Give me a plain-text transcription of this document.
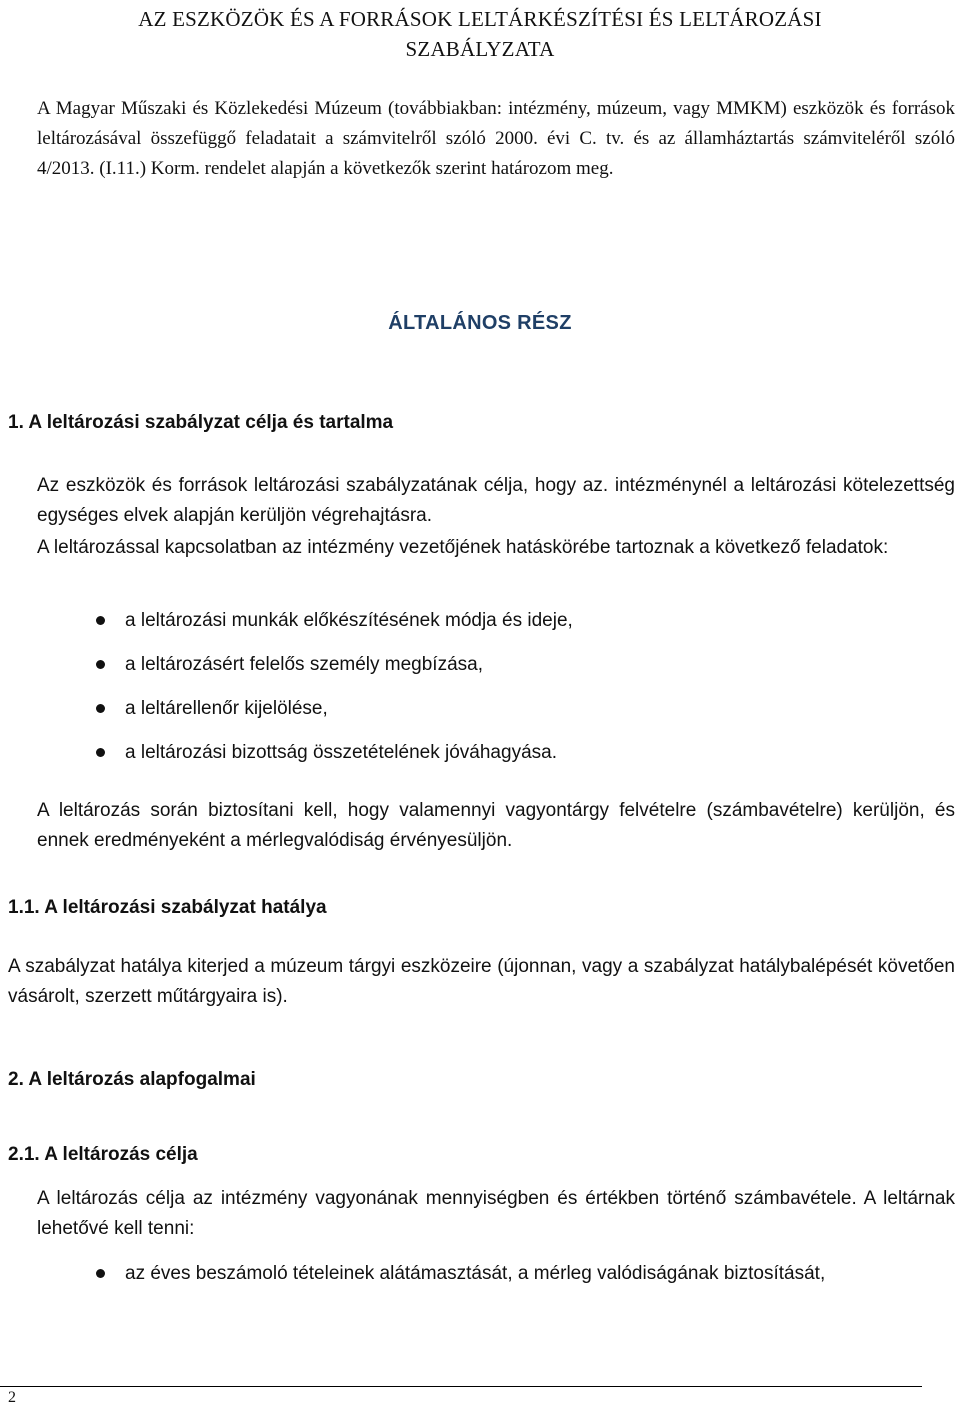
AZ ESZKÖZÖK ÉS A FORRÁSOK LELTÁRKÉSZÍTÉSI ÉS LELTÁROZÁSI
SZABÁLYZATA

A Magyar Műszaki és Közlekedési Múzeum (továbbiakban: intézmény, múzeum, vagy MMKM) eszközök és források leltározásával összefüggő feladatait a számvitelről szóló 2000. évi C. tv. és az államháztartás számviteléről szóló 4/2013. (I.11.) Korm. rendelet alapján a következők szerint határozom meg.

ÁLTALÁNOS RÉSZ
1. A leltározási szabályzat célja és tartalma

Az eszközök és források leltározási szabályzatának célja, hogy az. intézménynél a leltározási kötelezettség egységes elvek alapján kerüljön végrehajtásra.

A leltározással kapcsolatban az intézmény vezetőjének hatáskörébe tartoznak a következő feladatok:

a leltározási munkák előkészítésének módja és ideje,
a leltározásért felelős személy megbízása,
a leltárellenőr kijelölése,
a leltározási bizottság összetételének jóváhagyása.

A leltározás során biztosítani kell, hogy valamennyi vagyontárgy felvételre (számbavételre) kerüljön, és ennek eredményeként a mérlegvalódiság érvényesüljön.

1.1. A leltározási szabályzat hatálya

A szabályzat hatálya kiterjed a múzeum tárgyi eszközeire (újonnan, vagy a szabályzat hatálybalépését követően vásárolt, szerzett műtárgyaira is).

2. A leltározás alapfogalmai
2.1. A leltározás célja

A leltározás célja az intézmény vagyonának mennyiségben és értékben történő számbavétele. A leltárnak lehetővé kell tenni:

az éves beszámoló tételeinek alátámasztását, a mérleg valódiságának biztosítását,
2
